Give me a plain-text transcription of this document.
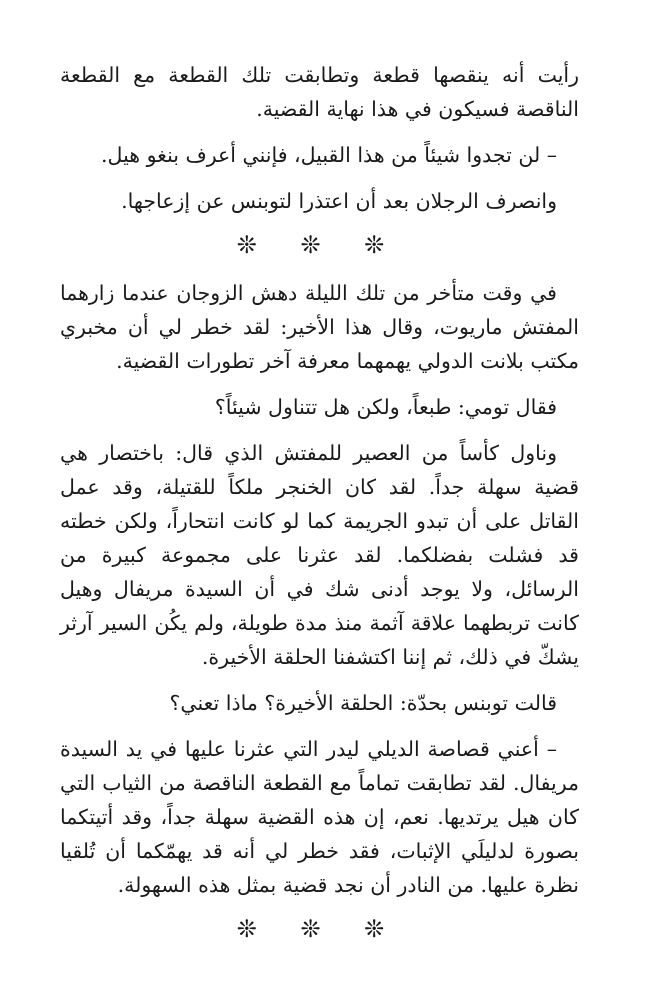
رأيت أنه ينقصها قطعة وتطابقت تلك القطعة مع القطعة الناقصة فسيكون في هذا نهاية القضية.

– لن تجدوا شيئاً من هذا القبيل، فإنني أعرف بنغو هيل.

وانصرف الرجلان بعد أن اعتذرا لتوبنس عن إزعاجها.

❊ ❊ ❊

في وقت متأخر من تلك الليلة دهش الزوجان عندما زارهما المفتش ماريوت، وقال هذا الأخير: لقد خطر لي أن مخبري مكتب بلانت الدولي يهمهما معرفة آخر تطورات القضية.

فقال تومي: طبعاً، ولكن هل تتناول شيئاً؟

وناول كأساً من العصير للمفتش الذي قال: باختصار هي قضية سهلة جداً. لقد كان الخنجر ملكاً للقتيلة، وقد عمل القاتل على أن تبدو الجريمة كما لو كانت انتحاراً، ولكن خطته قد فشلت بفضلكما. لقد عثرنا على مجموعة كبيرة من الرسائل، ولا يوجد أدنى شك في أن السيدة مريفال وهيل كانت تربطهما علاقة آثمة منذ مدة طويلة، ولم يكُن السير آرثر يشكّ في ذلك، ثم إننا اكتشفنا الحلقة الأخيرة.

قالت توبنس بحدّة: الحلقة الأخيرة؟ ماذا تعني؟

– أعني قصاصة الديلي ليدر التي عثرنا عليها في يد السيدة مريفال. لقد تطابقت تماماً مع القطعة الناقصة من الثياب التي كان هيل يرتديها. نعم، إن هذه القضية سهلة جداً، وقد أتيتكما بصورة لدليلَي الإثبات، فقد خطر لي أنه قد يهمّكما أن تُلقيا نظرة عليها. من النادر أن نجد قضية بمثل هذه السهولة.

❊ ❊ ❊
